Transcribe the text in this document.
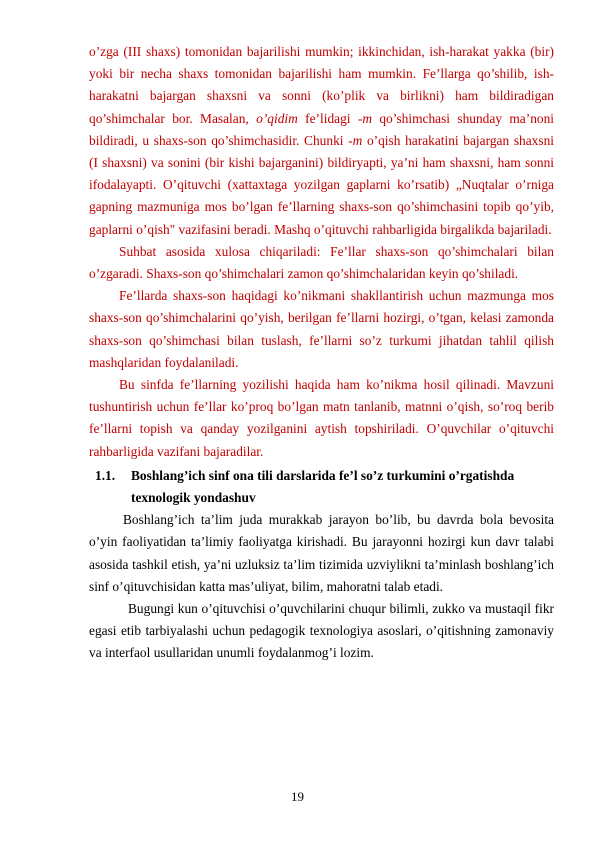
o’zga (III shaxs) tomonidan bajarilishi mumkin; ikkinchidan, ish-harakat yakka (bir) yoki bir necha shaxs tomonidan bajarilishi ham mumkin. Fe’llarga qo’shilib, ish-harakatni bajargan shaxsni va sonni (ko’plik va birlikni) ham bildiradigan qo’shimchalar bor. Masalan, o’qidim fe’lidagi -m qo’shimchasi shunday ma’noni bildiradi, u shaxs-son qo’shimchasidir. Chunki -m o’qish harakatini bajargan shaxsni (I shaxsni) va sonini (bir kishi bajarganini) bildiryapti, ya’ni ham shaxsni, ham sonni ifodalayapti. O’qituvchi (xattaxtaga yozilgan gaplarni ko’rsatib) „Nuqtalar o’rniga gapning mazmuniga mos bo’lgan fe’llarning shaxs-son qo’shimchasini topib qo’yib, gaplarni o’qish" vazifasini beradi. Mashq o’qituvchi rahbarligida birgalikda bajariladi.

Suhbat asosida xulosa chiqariladi: Fe’llar shaxs-son qo’shimchalari bilan o’zgaradi. Shaxs-son qo’shimchalari zamon qo’shimchalaridan keyin qo’shiladi.

Fe’llarda shaxs-son haqidagi ko’nikmani shakllantirish uchun mazmunga mos shaxs-son qo’shimchalarini qo’yish, berilgan fe’llarni hozirgi, o’tgan, kelasi zamonda shaxs-son qo’shimchasi bilan tuslash, fe’llarni so’z turkumi jihatdan tahlil qilish mashqlaridan foydalaniladi.

Bu sinfda fe’llarning yozilishi haqida ham ko’nikma hosil qilinadi. Mavzuni tushuntirish uchun fe’llar ko’proq bo’lgan matn tanlanib, matnni o’qish, so’roq berib fe’llarni topish va qanday yozilganini aytish topshiriladi. O’quvchilar o’qituvchi rahbarligida vazifani bajaradilar.

1.1. Boshlang’ich sinf ona tili darslarida fe’l so’z turkumini o’rgatishda
texnologik yondashuv

Boshlang’ich ta’lim juda murakkab jarayon bo’lib, bu davrda bola bevosita o’yin faoliyatidan ta’limiy faoliyatga kirishadi. Bu jarayonni hozirgi kun davr talabi asosida tashkil etish, ya’ni uzluksiz ta’lim tizimida uzviylikni ta’minlash boshlang’ich sinf o’qituvchisidan katta mas’uliyat, bilim, mahoratni talab etadi.

Bugungi kun o’qituvchisi o’quvchilarini chuqur bilimli, zukko va mustaqil fikr egasi etib tarbiyalashi uchun pedagogik texnologiya asoslari, o’qitishning zamonaviy va interfaol usullaridan unumli foydalanmog’i lozim.

19
